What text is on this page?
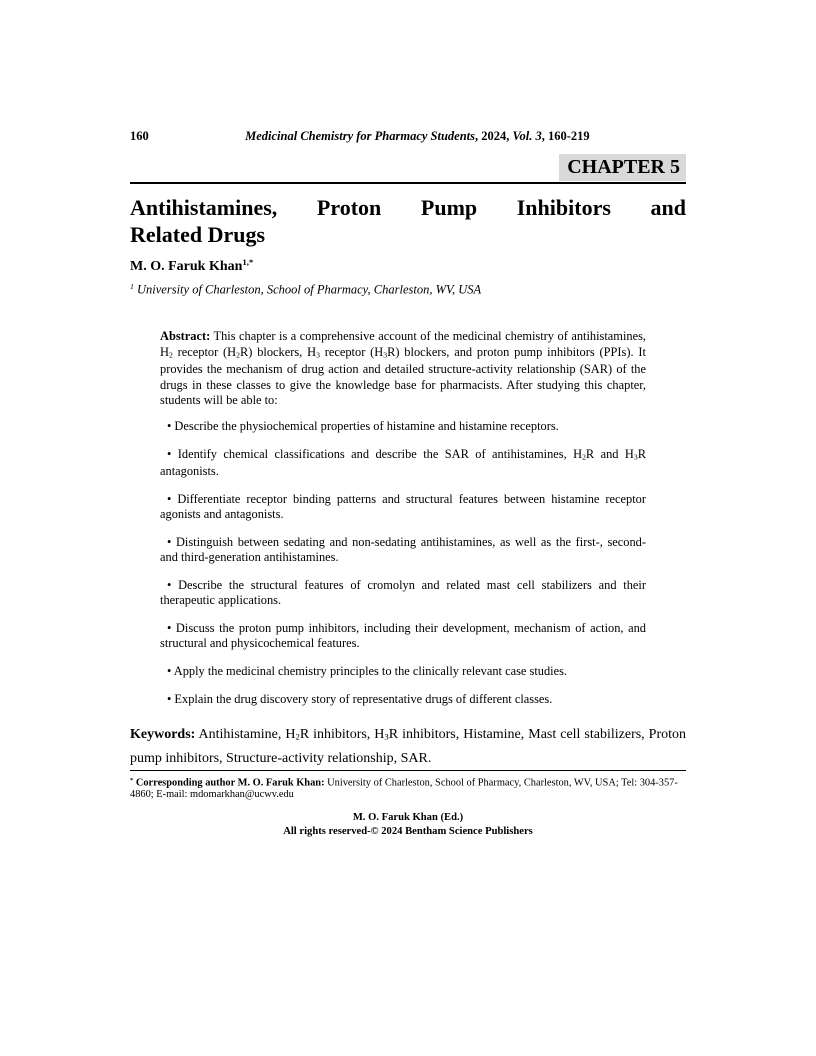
160	Medicinal Chemistry for Pharmacy Students, 2024, Vol. 3, 160-219
CHAPTER 5
Antihistamines, Proton Pump Inhibitors and
Related Drugs
M. O. Faruk Khan$^{1,*}$
$^1$ University of Charleston, School of Pharmacy, Charleston, WV, USA

Abstract: This chapter is a comprehensive account of the medicinal chemistry of antihistamines, H2 receptor (H2R) blockers, H3 receptor (H3R) blockers, and proton pump inhibitors (PPIs). It provides the mechanism of drug action and detailed structure-activity relationship (SAR) of the drugs in these classes to give the knowledge base for pharmacists. After studying this chapter, students will be able to:

• Describe the physiochemical properties of histamine and histamine receptors.

• Identify chemical classifications and describe the SAR of antihistamines, H2R and H3R antagonists.

• Differentiate receptor binding patterns and structural features between histamine receptor agonists and antagonists.

• Distinguish between sedating and non-sedating antihistamines, as well as the first-, second- and third-generation antihistamines.

• Describe the structural features of cromolyn and related mast cell stabilizers and their therapeutic applications.

• Discuss the proton pump inhibitors, including their development, mechanism of action, and structural and physicochemical features.

• Apply the medicinal chemistry principles to the clinically relevant case studies.

• Explain the drug discovery story of representative drugs of different classes.

Keywords: Antihistamine, H2R inhibitors, H3R inhibitors, Histamine, Mast cell stabilizers, Proton pump inhibitors, Structure-activity relationship, SAR.
* Corresponding author M. O. Faruk Khan: University of Charleston, School of Pharmacy, Charleston, WV, USA; Tel: 304-357-4860; E-mail: mdomarkhan@ucwv.edu
M. O. Faruk Khan (Ed.)
All rights reserved-© 2024 Bentham Science Publishers
